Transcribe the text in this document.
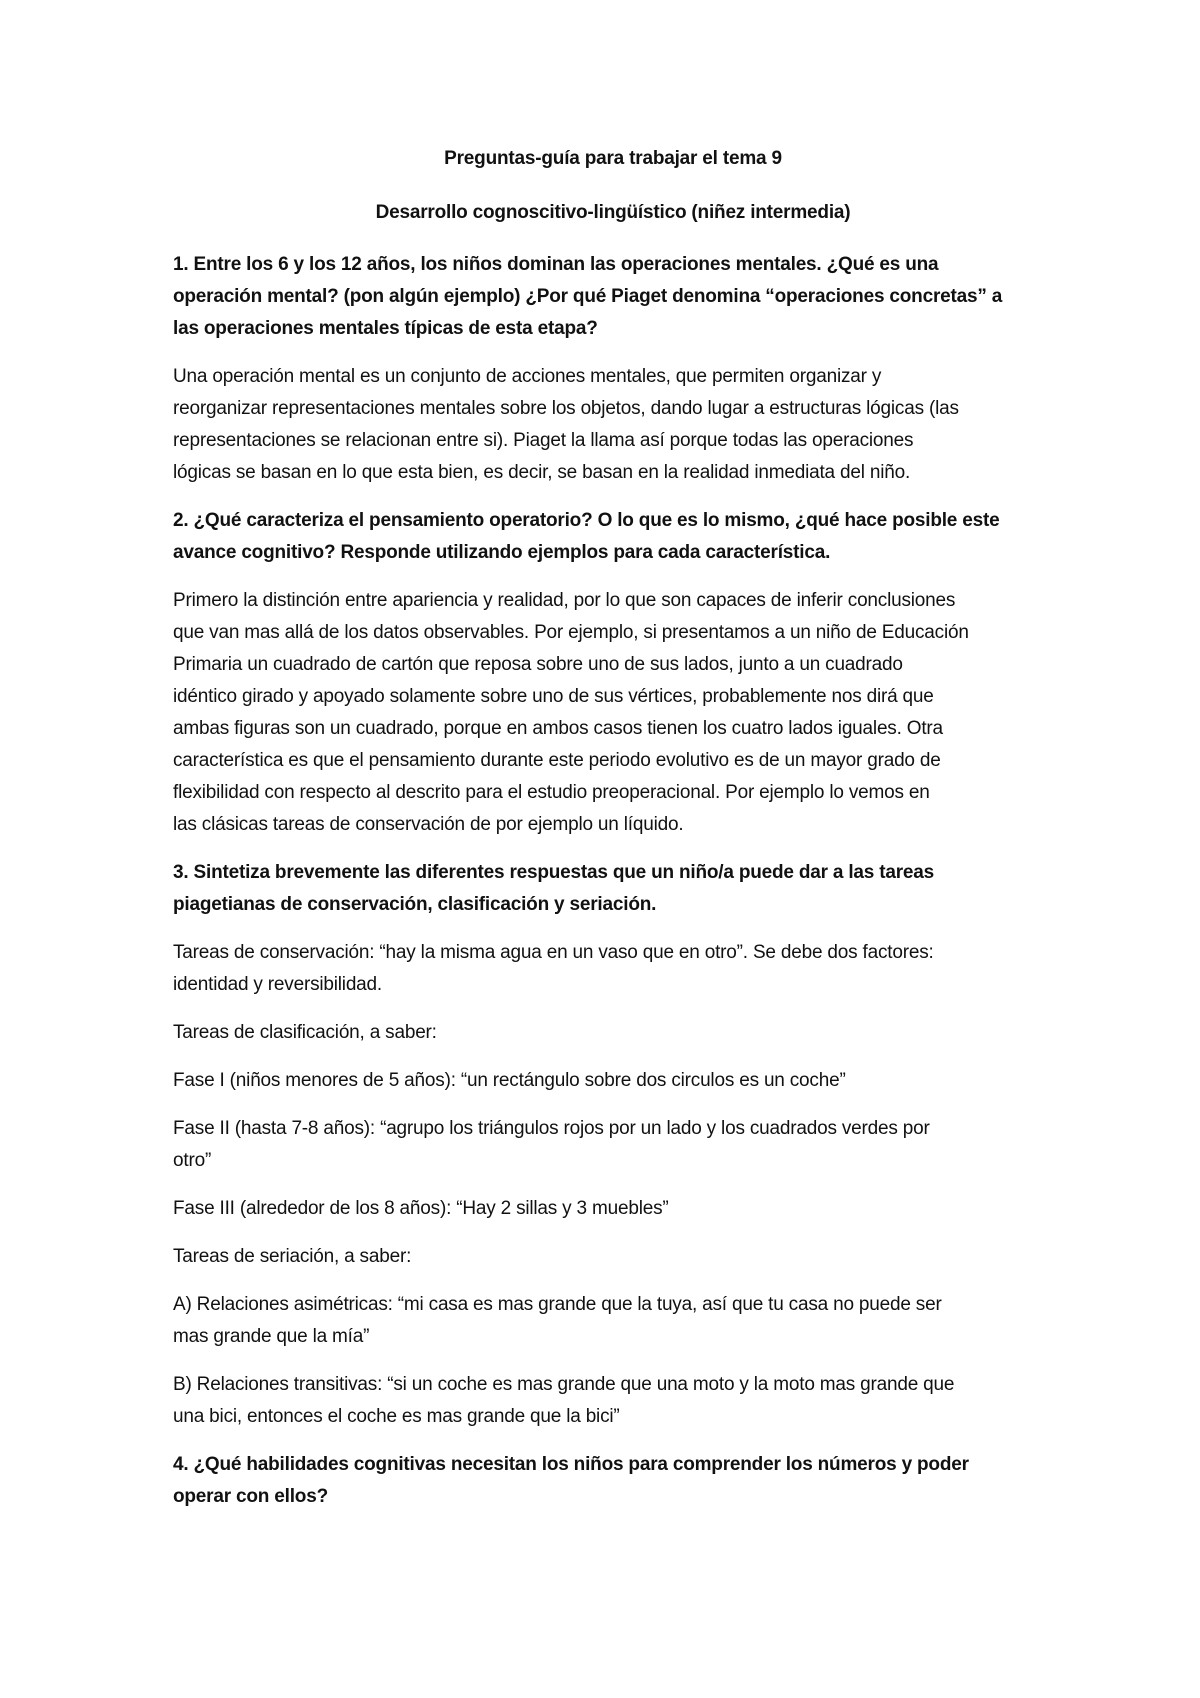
Preguntas-guía para trabajar el tema 9
Desarrollo cognoscitivo-lingüístico (niñez intermedia)
1. Entre los 6 y los 12 años, los niños dominan las operaciones mentales. ¿Qué es una
operación mental? (pon algún ejemplo) ¿Por qué Piaget denomina “operaciones concretas” a
las operaciones mentales típicas de esta etapa?
Una operación mental es un conjunto de acciones mentales, que permiten organizar y
reorganizar representaciones mentales sobre los objetos, dando lugar a estructuras lógicas (las
representaciones se relacionan entre si). Piaget la llama así porque todas las operaciones
lógicas se basan en lo que esta bien, es decir, se basan en la realidad inmediata del niño.
2. ¿Qué caracteriza el pensamiento operatorio? O lo que es lo mismo, ¿qué hace posible este
avance cognitivo? Responde utilizando ejemplos para cada característica.
Primero la distinción entre apariencia y realidad, por lo que son capaces de inferir conclusiones
que van mas allá de los datos observables. Por ejemplo, si presentamos a un niño de Educación
Primaria un cuadrado de cartón que reposa sobre uno de sus lados, junto a un cuadrado
idéntico girado y apoyado solamente sobre uno de sus vértices, probablemente nos dirá que
ambas figuras son un cuadrado, porque en ambos casos tienen los cuatro lados iguales. Otra
característica es que el pensamiento durante este periodo evolutivo es de un mayor grado de
flexibilidad con respecto al descrito para el estudio preoperacional. Por ejemplo lo vemos en
las clásicas tareas de conservación de por ejemplo un líquido.
3. Sintetiza brevemente las diferentes respuestas que un niño/a puede dar a las tareas
piagetianas de conservación, clasificación y seriación.
Tareas de conservación: “hay la misma agua en un vaso que en otro”. Se debe dos factores:
identidad y reversibilidad.
Tareas de clasificación, a saber:
Fase I (niños menores de 5 años): “un rectángulo sobre dos circulos es un coche”
Fase II (hasta 7-8 años): “agrupo los triángulos rojos por un lado y los cuadrados verdes por
otro”
Fase III (alrededor de los 8 años): “Hay 2 sillas y 3 muebles”
Tareas de seriación, a saber:
A) Relaciones asimétricas: “mi casa es mas grande que la tuya, así que tu casa no puede ser
mas grande que la mía”
B) Relaciones transitivas: “si un coche es mas grande que una moto y la moto mas grande que
una bici, entonces el coche es mas grande que la bici”
4. ¿Qué habilidades cognitivas necesitan los niños para comprender los números y poder
operar con ellos?
